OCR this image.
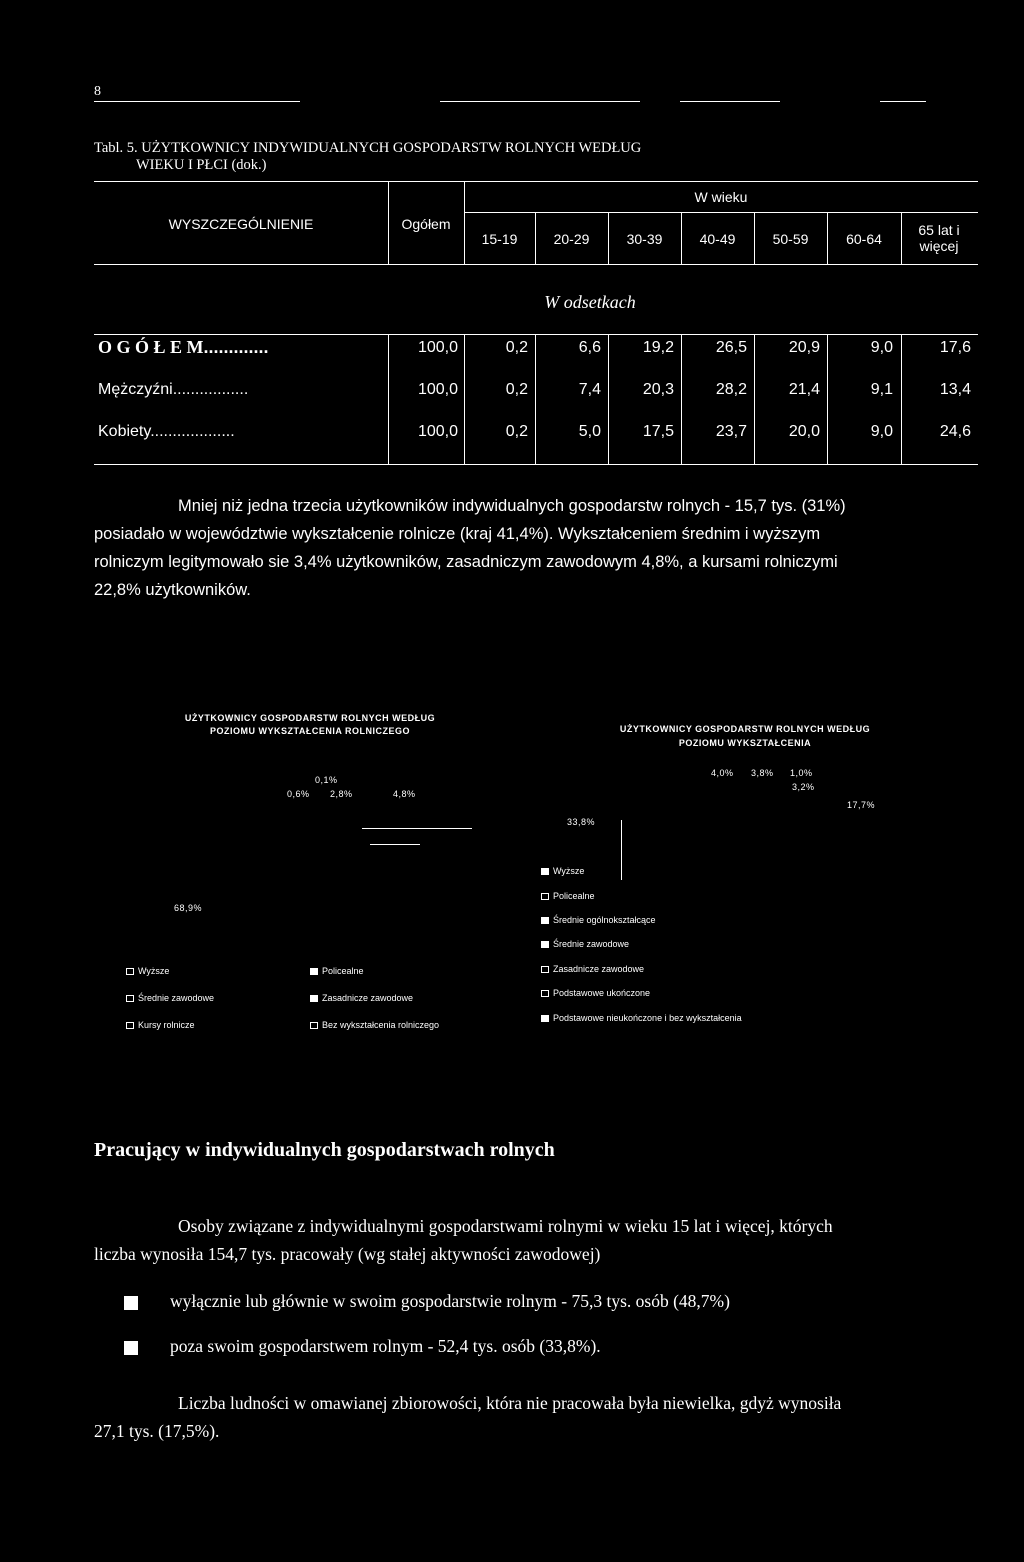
8
Tabl. 5. UŻYTKOWNICY INDYWIDUALNYCH GOSPODARSTW ROLNYCH WEDŁUG
WIEKU I PŁCI (dok.)
WYSZCZEGÓLNIENIE	Ogółem
W wieku
15-19	20-29	30-39	40-49	50-59	60-64
65 lat i więcej
W odsetkach
O G Ó Ł E M.............	100,0	0,2	6,6	19,2	26,5	20,9	9,0	17,6
Mężczyźni.................	100,0	0,2	7,4	20,3	28,2	21,4	9,1	13,4
Kobiety...................	100,0	0,2	5,0	17,5	23,7	20,0	9,0	24,6
Mniej niż jedna trzecia użytkowników indywidualnych gospodarstw rolnych - 15,7 tys. (31%)
posiadało w województwie wykształcenie rolnicze (kraj 41,4%). Wykształceniem średnim i wyższym
rolniczym legitymowało sie 3,4% użytkowników, zasadniczym zawodowym 4,8%, a kursami rolniczymi
22,8% użytkowników.
UŻYTKOWNICY GOSPODARSTW ROLNYCH WEDŁUG
POZIOMU WYKSZTAŁCENIA ROLNICZEGO
0,1%
0,6% 2,8%	4,8%
68,9%
Wyższe	Policealne
Średnie zawodowe	Zasadnicze zawodowe
Kursy rolnicze	Bez wykształcenia rolniczego
UŻYTKOWNICY GOSPODARSTW ROLNYCH WEDŁUG
POZIOMU WYKSZTAŁCENIA
4,0% 3,8% 1,0%
3,2%
17,7%
33,8%
Wyższe
Policealne
Średnie ogólnokształcące
Średnie zawodowe
Zasadnicze zawodowe
Podstawowe ukończone
Podstawowe nieukończone i bez wykształcenia
Pracujący w indywidualnych gospodarstwach rolnych
Osoby związane z indywidualnymi gospodarstwami rolnymi w wieku 15 lat i więcej, których
liczba wynosiła 154,7 tys. pracowały (wg stałej aktywności zawodowej)
wyłącznie lub głównie w swoim gospodarstwie rolnym - 75,3 tys. osób (48,7%)
poza swoim gospodarstwem rolnym - 52,4 tys. osób (33,8%).
Liczba ludności w omawianej zbiorowości, która nie pracowała była niewielka, gdyż wynosiła
27,1 tys. (17,5%).
